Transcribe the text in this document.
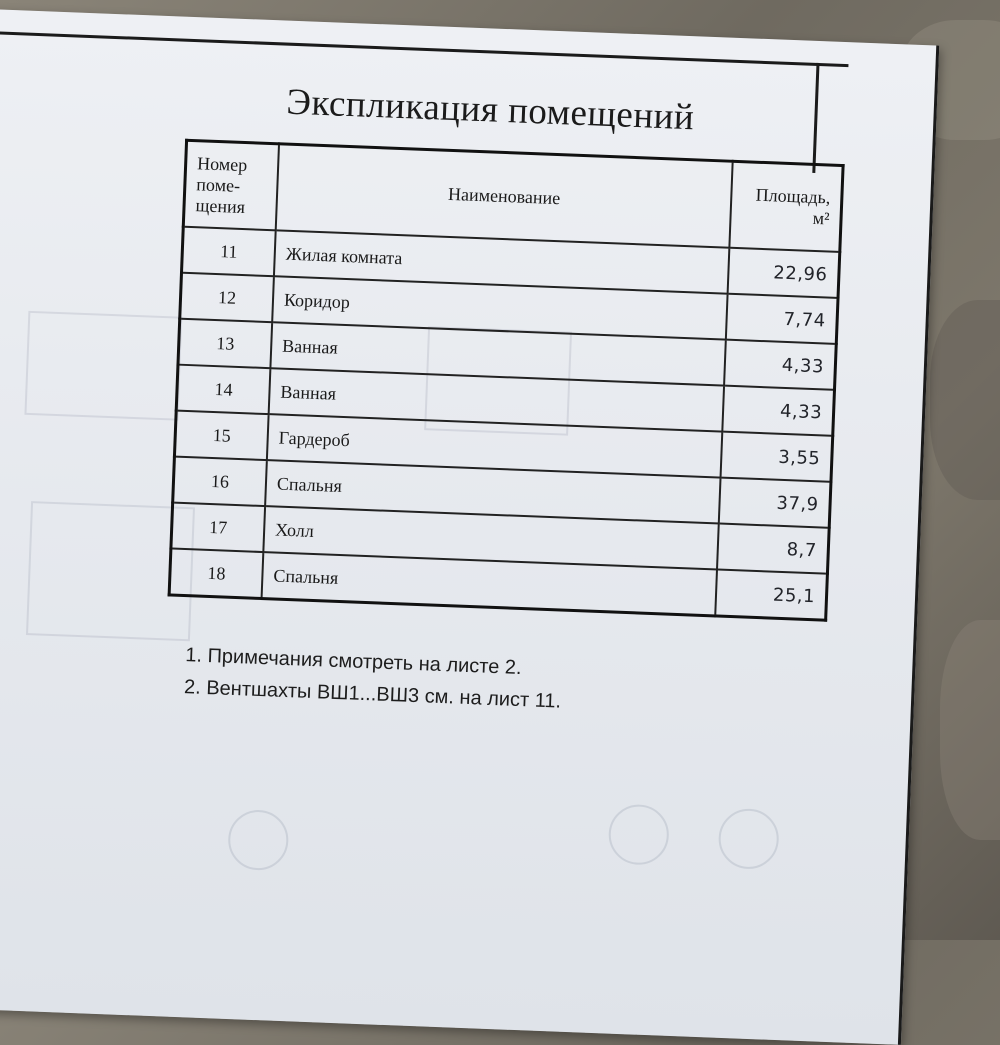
Экспликация помещений
Номер поме-щения	Наименование	Площадь, м²
11	Жилая комната	22,96
12	Коридор	7,74
13	Ванная	4,33
14	Ванная	4,33
15	Гардероб	3,55
16	Спальня	37,9
17	Холл	8,7
18	Спальня	25,1
1. Примечания смотреть на листе 2.
2. Вентшахты ВШ1...ВШ3 см. на лист 11.
